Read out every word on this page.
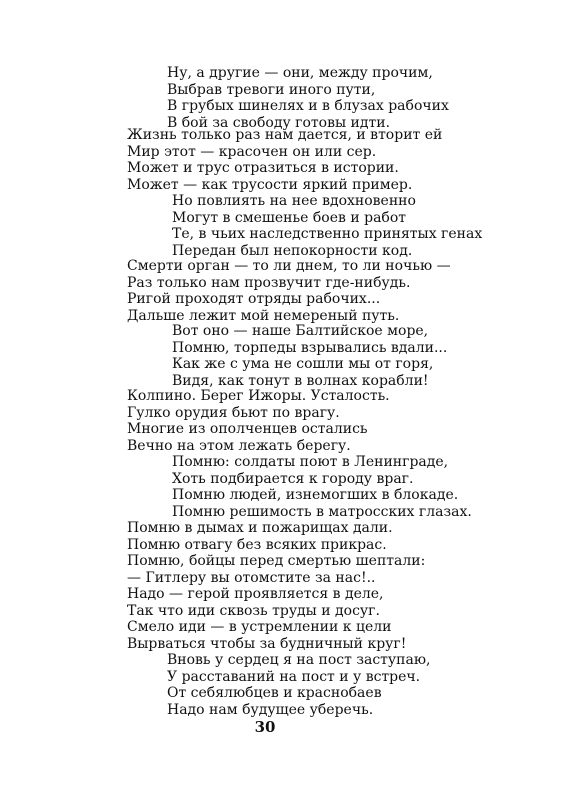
Ну, а другие — они, между прочим,
Выбрав тревоги иного пути,
В грубых шинелях и в блузах рабочих
В бой за свободу готовы идти.
Жизнь только раз нам дается, и вторит ей
Мир этот — красочен он или сер.
Может и трус отразиться в истории.
Может — как трусости яркий пример.
Но повлиять на нее вдохновенно
Могут в смешенье боев и работ
Те, в чьих наследственно принятых генах
Передан был непокорности код.
Смерти орган — то ли днем, то ли ночью —
Раз только нам прозвучит где-нибудь.
Ригой проходят отряды рабочих...
Дальше лежит мой немереный путь.
Вот оно — наше Балтийское море,
Помню, торпеды взрывались вдали...
Как же с ума не сошли мы от горя,
Видя, как тонут в волнах корабли!
Колпино. Берег Ижоры. Усталость.
Гулко орудия бьют по врагу.
Многие из ополченцев остались
Вечно на этом лежать берегу.
Помню: солдаты поют в Ленинграде,
Хоть подбирается к городу враг.
Помню людей, изнемогших в блокаде.
Помню решимость в матросских глазах.
Помню в дымах и пожарищах дали.
Помню отвагу без всяких прикрас.
Помню, бойцы перед смертью шептали:
— Гитлеру вы отомстите за нас!..
Надо — герой проявляется в деле,
Так что иди сквозь труды и досуг.
Смело иди — в устремлении к цели
Вырваться чтобы за будничный круг!
Вновь у сердец я на пост заступаю,
У расставаний на пост и у встреч.
От себялюбцев и краснобаев
Надо нам будущее уберечь.
30
